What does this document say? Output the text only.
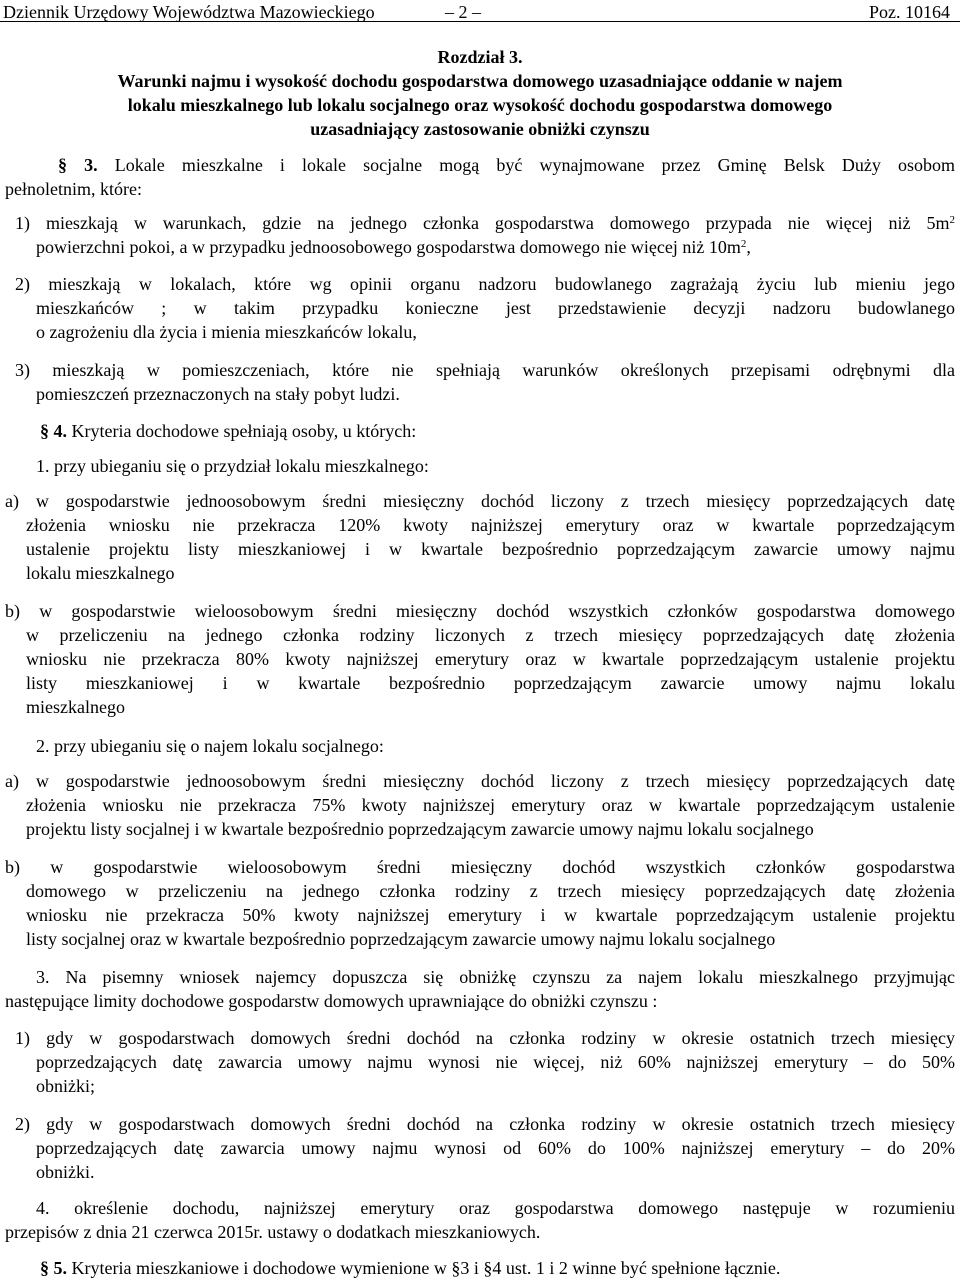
Dziennik Urzędowy Województwa Mazowieckiego	– 2 –	Poz. 10164
Rozdział 3.
Warunki najmu i wysokość dochodu gospodarstwa domowego uzasadniające oddanie w najem
lokalu mieszkalnego lub lokalu socjalnego oraz wysokość dochodu gospodarstwa domowego
uzasadniający zastosowanie obniżki czynszu
§ 3. Lokale mieszkalne i lokale socjalne mogą być wynajmowane przez Gminę Belsk Duży osobom
pełnoletnim, które:
1) mieszkają w warunkach, gdzie na jednego członka gospodarstwa domowego przypada nie więcej niż $5m^2$
powierzchni pokoi, a w przypadku jednoosobowego gospodarstwa domowego nie więcej niż $10m^2$,
2) mieszkają w lokalach, które wg opinii organu nadzoru budowlanego zagrażają życiu lub mieniu jego
mieszkańców ; w takim przypadku konieczne jest przedstawienie decyzji nadzoru budowlanego
o zagrożeniu dla życia i mienia mieszkańców lokalu,
3) mieszkają w pomieszczeniach, które nie spełniają warunków określonych przepisami odrębnymi dla
pomieszczeń przeznaczonych na stały pobyt ludzi.
§ 4. Kryteria dochodowe spełniają osoby, u których:
1. przy ubieganiu się o przydział lokalu mieszkalnego:
a) w gospodarstwie jednoosobowym średni miesięczny dochód liczony z trzech miesięcy poprzedzających datę
złożenia wniosku nie przekracza 120% kwoty najniższej emerytury oraz w kwartale poprzedzającym
ustalenie projektu listy mieszkaniowej i w kwartale bezpośrednio poprzedzającym zawarcie umowy najmu
lokalu mieszkalnego
b) w gospodarstwie wieloosobowym średni miesięczny dochód wszystkich członków gospodarstwa domowego
w przeliczeniu na jednego członka rodziny liczonych z trzech miesięcy poprzedzających datę złożenia
wniosku nie przekracza 80% kwoty najniższej emerytury oraz w kwartale poprzedzającym ustalenie projektu
listy mieszkaniowej i w kwartale bezpośrednio poprzedzającym zawarcie umowy najmu lokalu
mieszkalnego
2. przy ubieganiu się o najem lokalu socjalnego:
a) w gospodarstwie jednoosobowym średni miesięczny dochód liczony z trzech miesięcy poprzedzających datę
złożenia wniosku nie przekracza 75% kwoty najniższej emerytury oraz w kwartale poprzedzającym ustalenie
projektu listy socjalnej i w kwartale bezpośrednio poprzedzającym zawarcie umowy najmu lokalu socjalnego
b) w gospodarstwie wieloosobowym średni miesięczny dochód wszystkich członków gospodarstwa
domowego w przeliczeniu na jednego członka rodziny z trzech miesięcy poprzedzających datę złożenia
wniosku nie przekracza 50% kwoty najniższej emerytury i w kwartale poprzedzającym ustalenie projektu
listy socjalnej oraz w kwartale bezpośrednio poprzedzającym zawarcie umowy najmu lokalu socjalnego
3. Na pisemny wniosek najemcy dopuszcza się obniżkę czynszu za najem lokalu mieszkalnego przyjmując
następujące limity dochodowe gospodarstw domowych uprawniające do obniżki czynszu :
1) gdy w gospodarstwach domowych średni dochód na członka rodziny w okresie ostatnich trzech miesięcy
poprzedzających datę zawarcia umowy najmu wynosi nie więcej, niż 60% najniższej emerytury – do 50%
obniżki;
2) gdy w gospodarstwach domowych średni dochód na członka rodziny w okresie ostatnich trzech miesięcy
poprzedzających datę zawarcia umowy najmu wynosi od 60% do 100% najniższej emerytury – do 20%
obniżki.
4. określenie dochodu, najniższej emerytury oraz gospodarstwa domowego następuje w rozumieniu
przepisów z dnia 21 czerwca 2015r. ustawy o dodatkach mieszkaniowych.
§ 5. Kryteria mieszkaniowe i dochodowe wymienione w §3 i §4 ust. 1 i 2 winne być spełnione łącznie.
